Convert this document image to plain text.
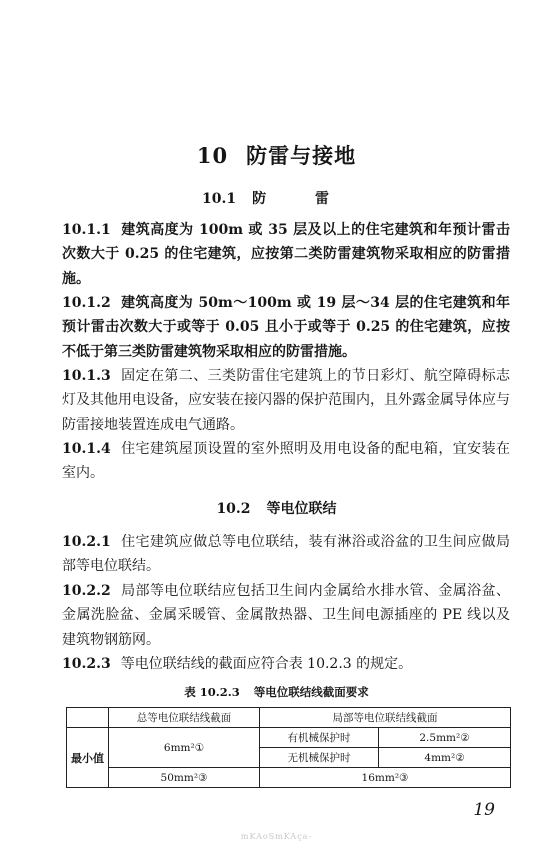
10 防雷与接地
10.1 防 雷
10.1.1 建筑高度为 100m 或 35 层及以上的住宅建筑和年预计雷击次数大于 0.25 的住宅建筑，应按第二类防雷建筑物采取相应的防雷措施。
10.1.2 建筑高度为 50m～100m 或 19 层～34 层的住宅建筑和年预计雷击次数大于或等于 0.05 且小于或等于 0.25 的住宅建筑，应按不低于第三类防雷建筑物采取相应的防雷措施。
10.1.3 固定在第二、三类防雷住宅建筑上的节日彩灯、航空障碍标志灯及其他用电设备，应安装在接闪器的保护范围内，且外露金属导体应与防雷接地装置连成电气通路。
10.1.4 住宅建筑屋顶设置的室外照明及用电设备的配电箱，宜安装在室内。
10.2 等电位联结
10.2.1 住宅建筑应做总等电位联结，装有淋浴或浴盆的卫生间应做局部等电位联结。
10.2.2 局部等电位联结应包括卫生间内金属给水排水管、金属浴盆、金属洗脸盆、金属采暖管、金属散热器、卫生间电源插座的 PE 线以及建筑物钢筋网。
10.2.3 等电位联结线的截面应符合表 10.2.3 的规定。
表 10.2.3 等电位联结线截面要求
	总等电位联结线截面	局部等电位联结线截面	
最小值	6mm²①	有机械保护时	2.5mm²②
		无机械保护时	4mm²②
	50mm²③	16mm²③	
19
mKAoSmKAça-
